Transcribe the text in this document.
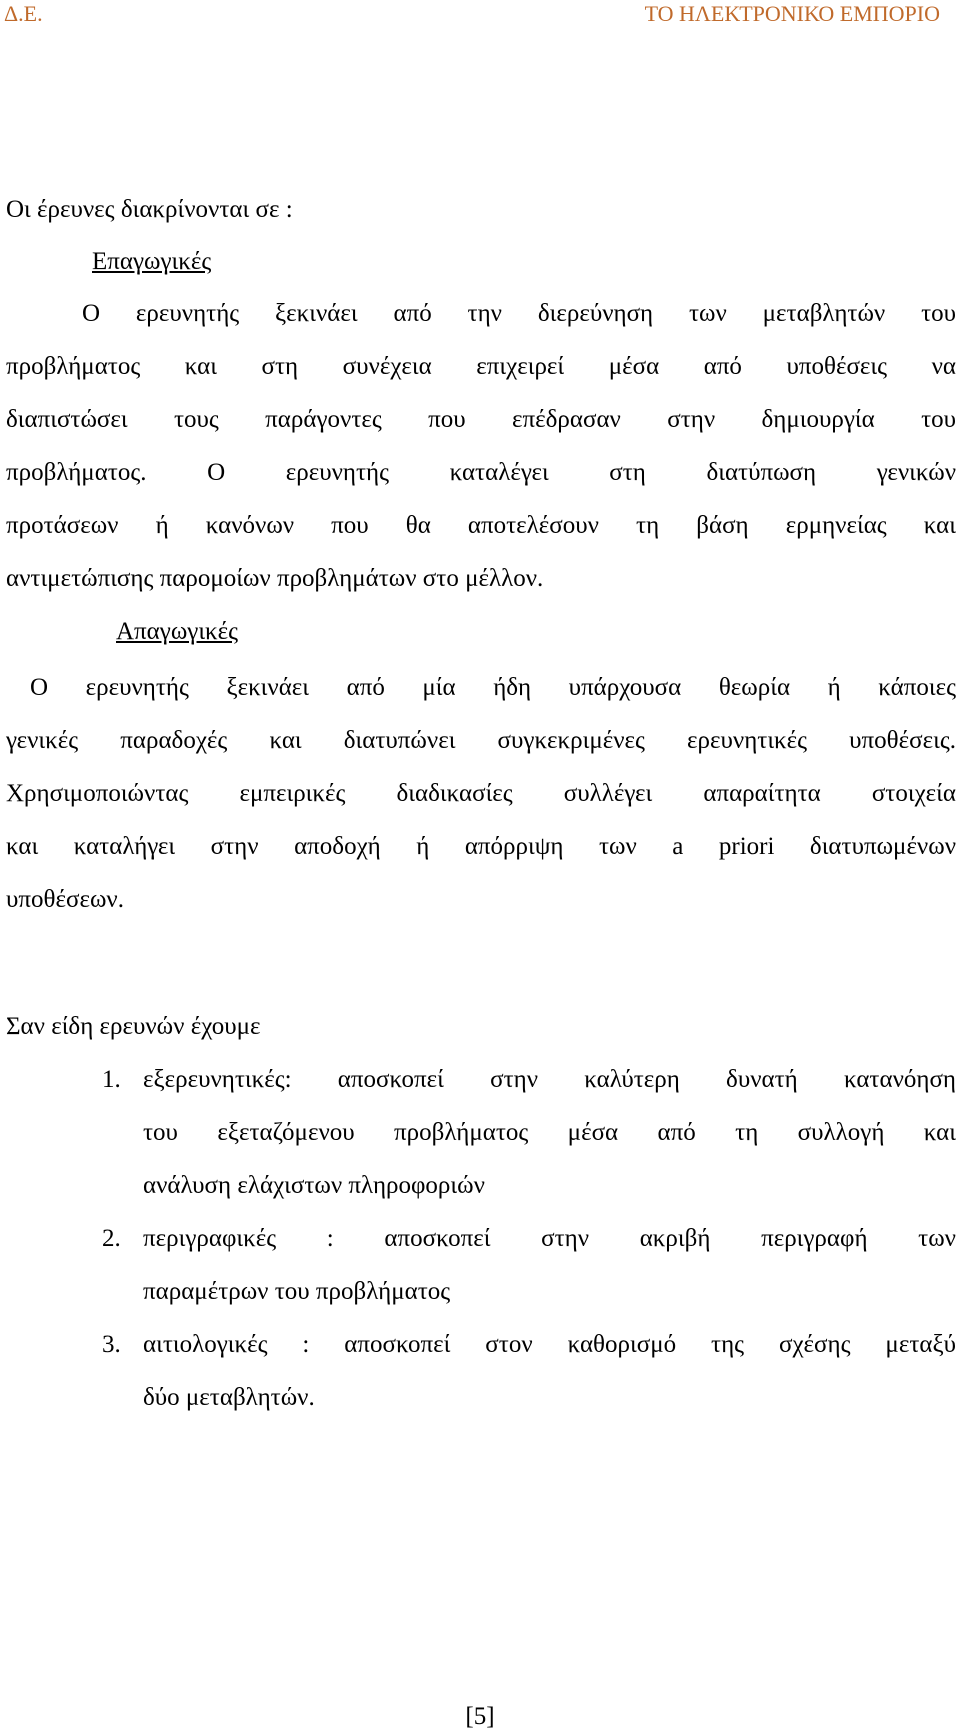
Δ.Ε.	ΤΟ ΗΛΕΚΤΡΟΝΙΚΟ ΕΜΠΟΡΙΟ
Οι έρευνες διακρίνονται σε :
Επαγωγικές
Ο ερευνητής ξεκινάει από την διερεύνηση των μεταβλητών του
προβλήματος και στη συνέχεια επιχειρεί μέσα από υποθέσεις να
διαπιστώσει τους παράγοντες που επέδρασαν στην δημιουργία του
προβλήματος. Ο ερευνητής καταλέγει στη διατύπωση γενικών
προτάσεων ή κανόνων που θα αποτελέσουν τη βάση ερμηνείας και
αντιμετώπισης παρομοίων προβλημάτων στο μέλλον.
Απαγωγικές
Ο ερευνητής ξεκινάει από μία ήδη υπάρχουσα θεωρία ή κάποιες
γενικές παραδοχές και διατυπώνει συγκεκριμένες ερευνητικές υποθέσεις.
Χρησιμοποιώντας εμπειρικές διαδικασίες συλλέγει απαραίτητα στοιχεία
και καταλήγει στην αποδοχή ή απόρριψη των a priori διατυπωμένων
υποθέσεων.
Σαν είδη ερευνών έχουμε
1. εξερευνητικές: αποσκοπεί στην καλύτερη δυνατή κατανόηση
του εξεταζόμενου προβλήματος μέσα από τη συλλογή και
ανάλυση ελάχιστων πληροφοριών
2. περιγραφικές : αποσκοπεί στην ακριβή περιγραφή των
παραμέτρων του προβλήματος
3. αιτιολογικές : αποσκοπεί στον καθορισμό της σχέσης μεταξύ
δύο μεταβλητών.
[5]
